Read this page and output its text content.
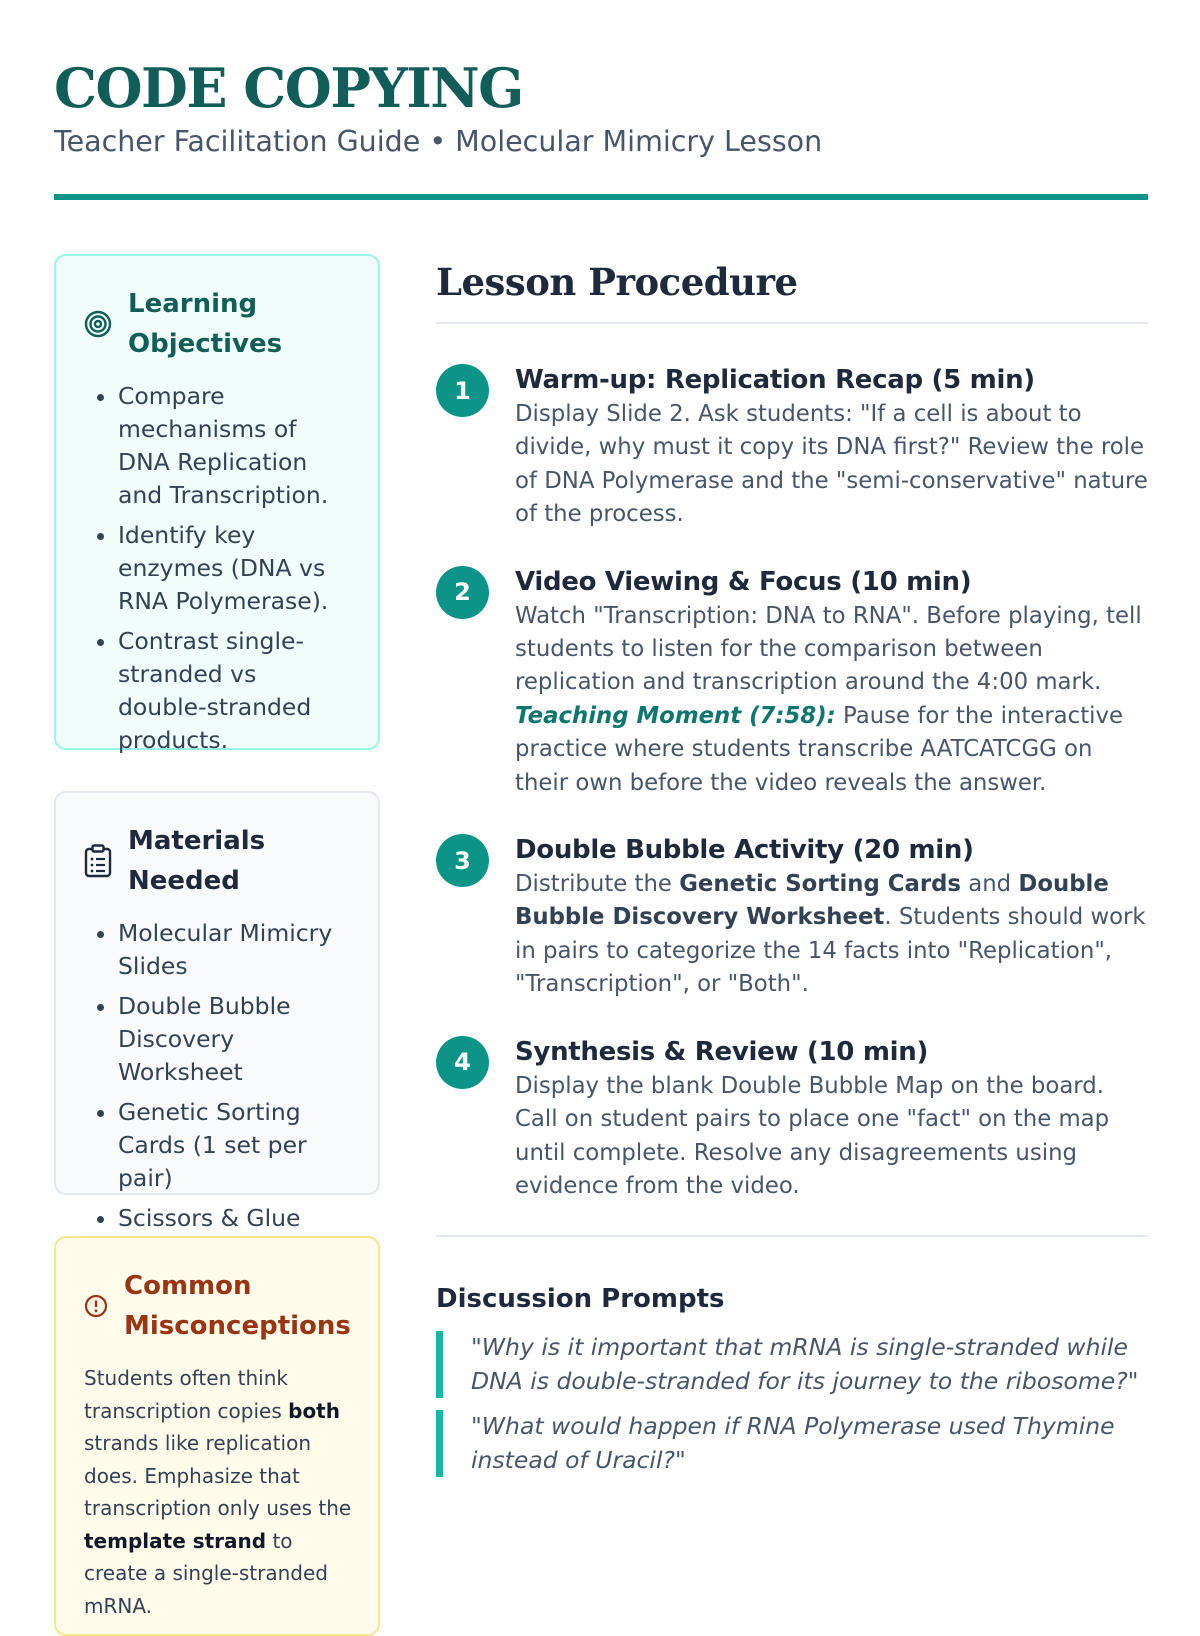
CODE COPYING
Teacher Facilitation Guide • Molecular Mimicry Lesson
Learning Objectives
• Compare mechanisms of DNA Replication and Transcription.
• Identify key enzymes (DNA vs RNA Polymerase).
• Contrast single-stranded vs double-stranded products.
Materials Needed
• Molecular Mimicry Slides
• Double Bubble Discovery Worksheet
• Genetic Sorting Cards (1 set per pair)
• Scissors & Glue
Common Misconceptions
Students often think transcription copies both strands like replication does. Emphasize that transcription only uses the template strand to create a single-stranded mRNA.
Lesson Procedure
1	Warm-up: Replication Recap (5 min)
Display Slide 2. Ask students: "If a cell is about to divide, why must it copy its DNA first?" Review the role of DNA Polymerase and the "semi-conservative" nature of the process.
2	Video Viewing & Focus (10 min)
Watch "Transcription: DNA to RNA". Before playing, tell students to listen for the comparison between replication and transcription around the 4:00 mark.
Teaching Moment (7:58): Pause for the interactive practice where students transcribe AATCATCGG on their own before the video reveals the answer.
3	Double Bubble Activity (20 min)
Distribute the Genetic Sorting Cards and Double Bubble Discovery Worksheet. Students should work in pairs to categorize the 14 facts into "Replication", "Transcription", or "Both".
4	Synthesis & Review (10 min)
Display the blank Double Bubble Map on the board. Call on student pairs to place one "fact" on the map until complete. Resolve any disagreements using evidence from the video.
Discussion Prompts
"Why is it important that mRNA is single-stranded while DNA is double-stranded for its journey to the ribosome?"
"What would happen if RNA Polymerase used Thymine instead of Uracil?"
